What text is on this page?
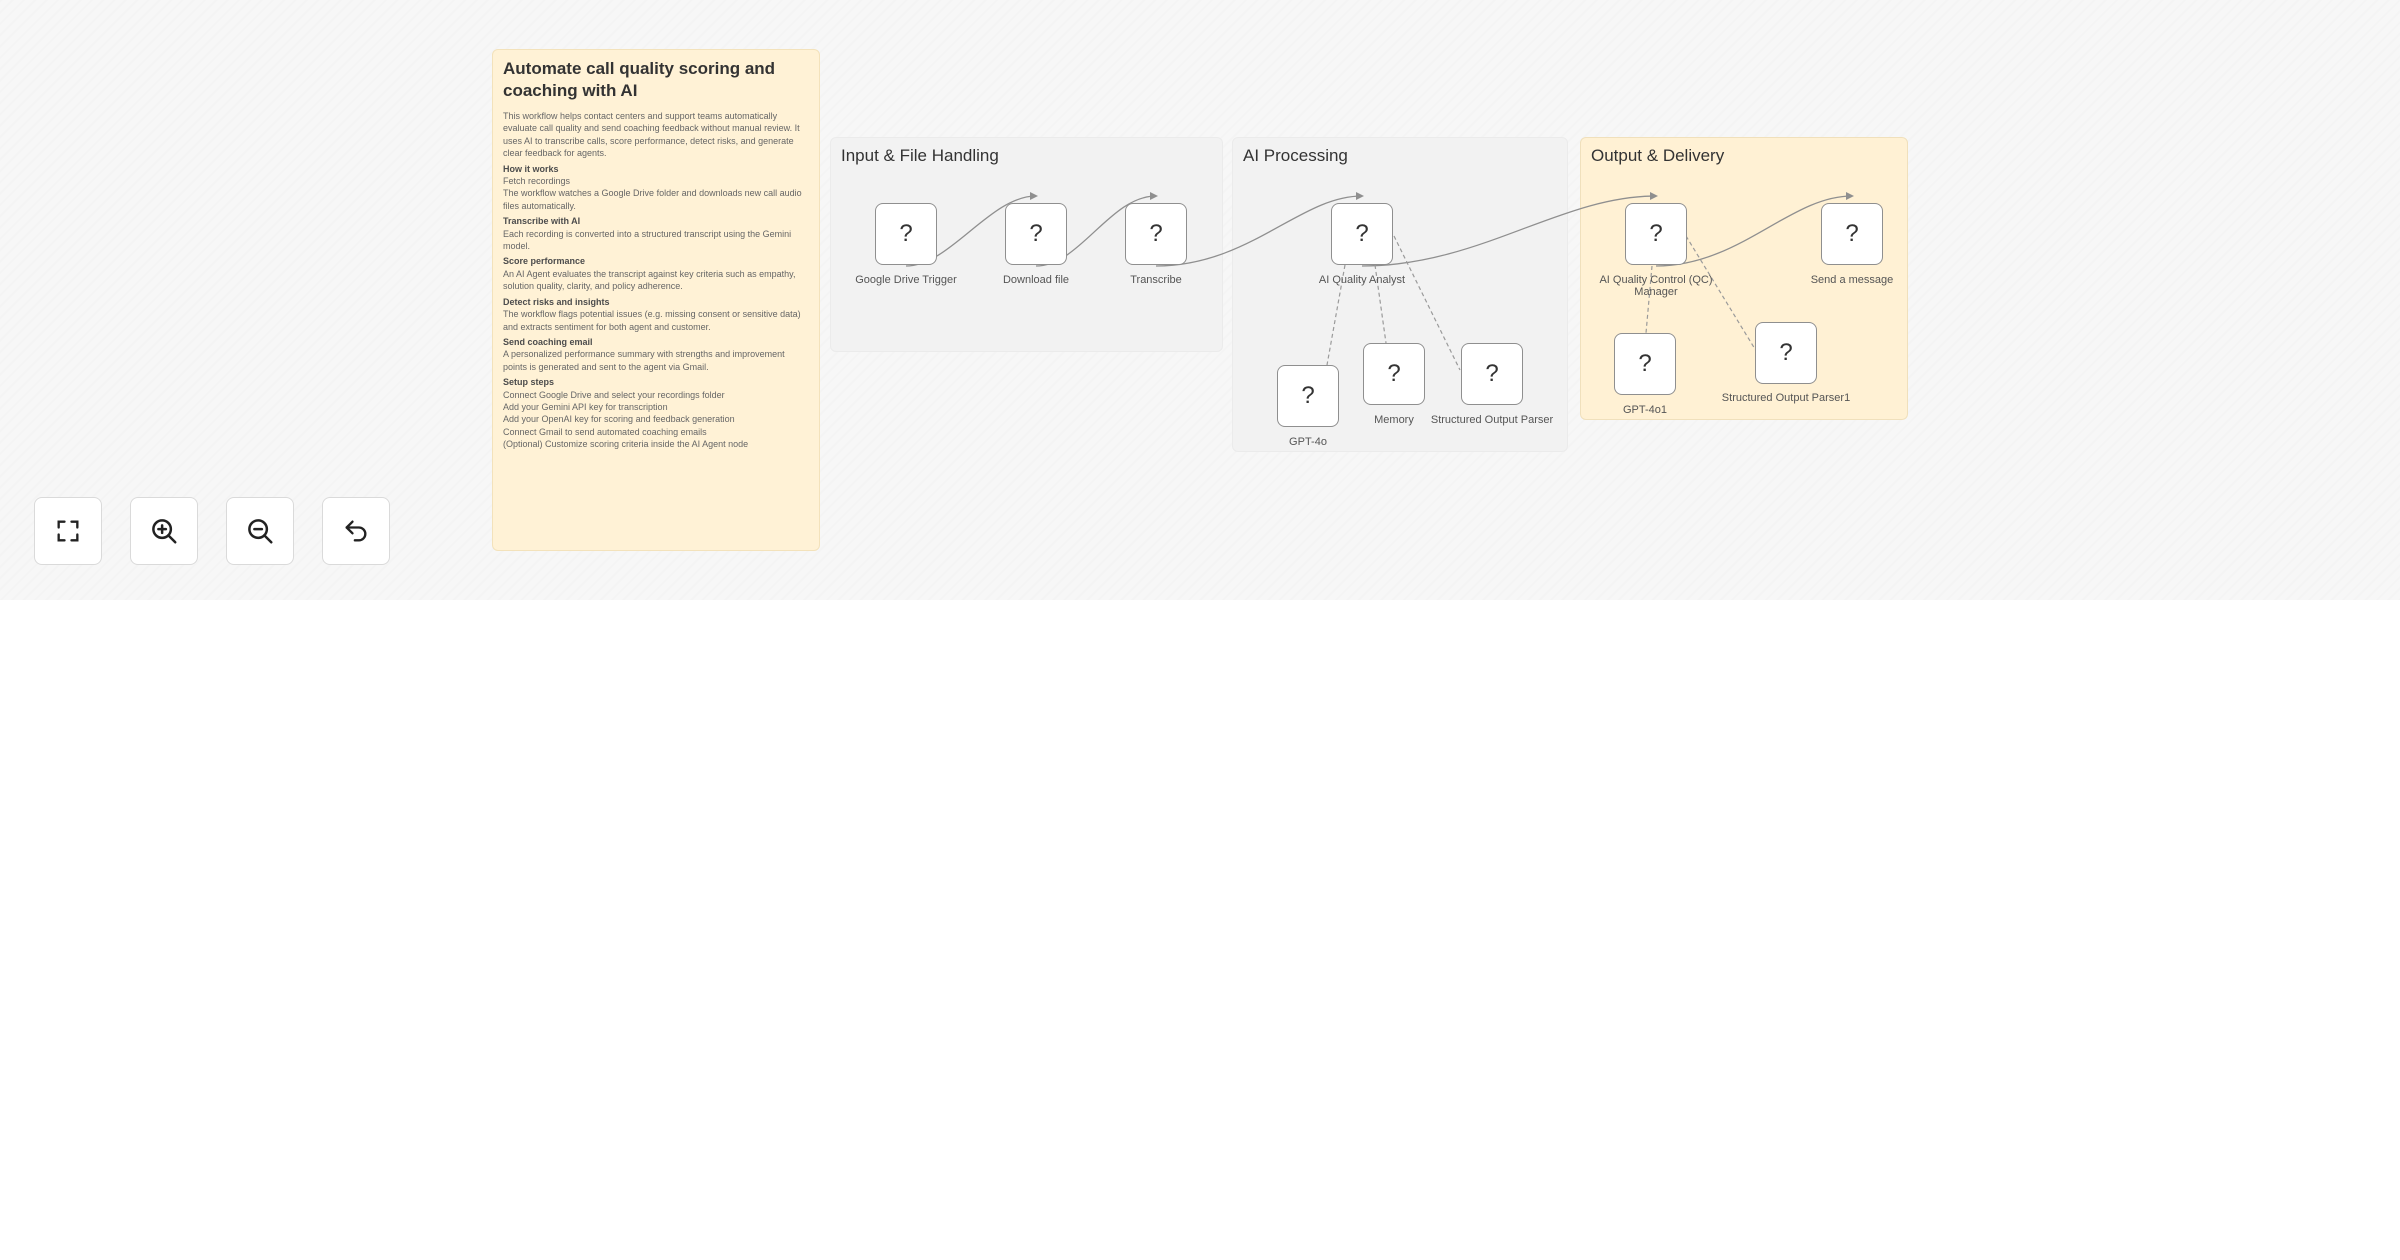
Automate call quality scoring and coaching with AI
This workflow helps contact centers and support teams automatically evaluate call quality and send coaching feedback without manual review. It uses AI to transcribe calls, score performance, detect risks, and generate clear feedback for agents.
How it works
Fetch recordings
The workflow watches a Google Drive folder and downloads new call audio files automatically.
Transcribe with AI
Each recording is converted into a structured transcript using the Gemini model.
Score performance
An AI Agent evaluates the transcript against key criteria such as empathy, solution quality, clarity, and policy adherence.
Detect risks and insights
The workflow flags potential issues (e.g. missing consent or sensitive data) and extracts sentiment for both agent and customer.
Send coaching email
A personalized performance summary with strengths and improvement points is generated and sent to the agent via Gmail.
Setup steps
Connect Google Drive and select your recordings folder
Add your Gemini API key for transcription
Add your OpenAI key for scoring and feedback generation
Connect Gmail to send automated coaching emails
(Optional) Customize scoring criteria inside the AI Agent node
Input & File Handling	AI Processing	Output & Delivery
?
Google Drive Trigger
?
Download file
?
Transcribe
?
AI Quality Analyst
?
AI Quality Control (QC) Manager
?
Send a message
?
GPT-4o
?
Memory
?
Structured Output Parser
?
GPT-4o1
?
Structured Output Parser1
